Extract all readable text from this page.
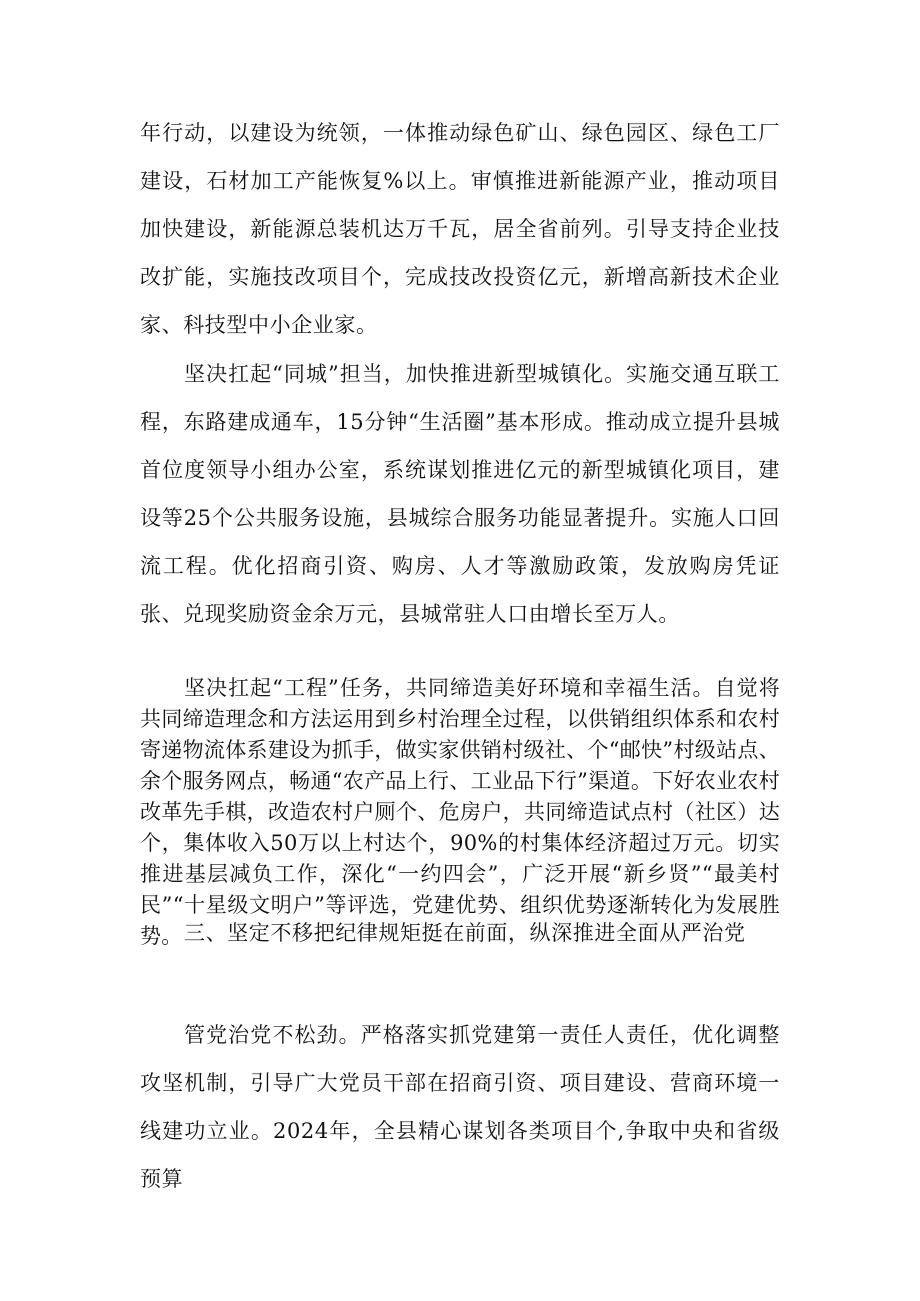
年行动，以建设为统领，一体推动绿色矿山、绿色园区、绿色工厂建设，石材加工产能恢复%以上。审慎推进新能源产业，推动项目加快建设，新能源总装机达万千瓦，居全省前列。引导支持企业技改扩能，实施技改项目个，完成技改投资亿元，新增高新技术企业家、科技型中小企业家。

坚决扛起“同城”担当，加快推进新型城镇化。实施交通互联工程，东路建成通车，15分钟“生活圈”基本形成。推动成立提升县城首位度领导小组办公室，系统谋划推进亿元的新型城镇化项目，建设等25个公共服务设施，县城综合服务功能显著提升。实施人口回流工程。优化招商引资、购房、人才等激励政策，发放购房凭证张、兑现奖励资金余万元，县城常驻人口由增长至万人。

坚决扛起“工程”任务，共同缔造美好环境和幸福生活。自觉将共同缔造理念和方法运用到乡村治理全过程，以供销组织体系和农村寄递物流体系建设为抓手，做实家供销村级社、个“邮快”村级站点、余个服务网点，畅通“农产品上行、工业品下行”渠道。下好农业农村改革先手棋，改造农村户厕个、危房户，共同缔造试点村（社区）达个，集体收入50万以上村达个，90%的村集体经济超过万元。切实推进基层减负工作，深化“一约四会”，广泛开展“新乡贤”“最美村民”“十星级文明户”等评选，党建优势、组织优势逐渐转化为发展胜势。 三、坚定不移把纪律规矩挺在前面，纵深推进全面从严治党

管党治党不松劲。严格落实抓党建第一责任人责任，优化调整攻坚机制，引导广大党员干部在招商引资、项目建设、营商环境一线建功立业。2024年，全县精心谋划各类项目个,争取中央和省级预算
